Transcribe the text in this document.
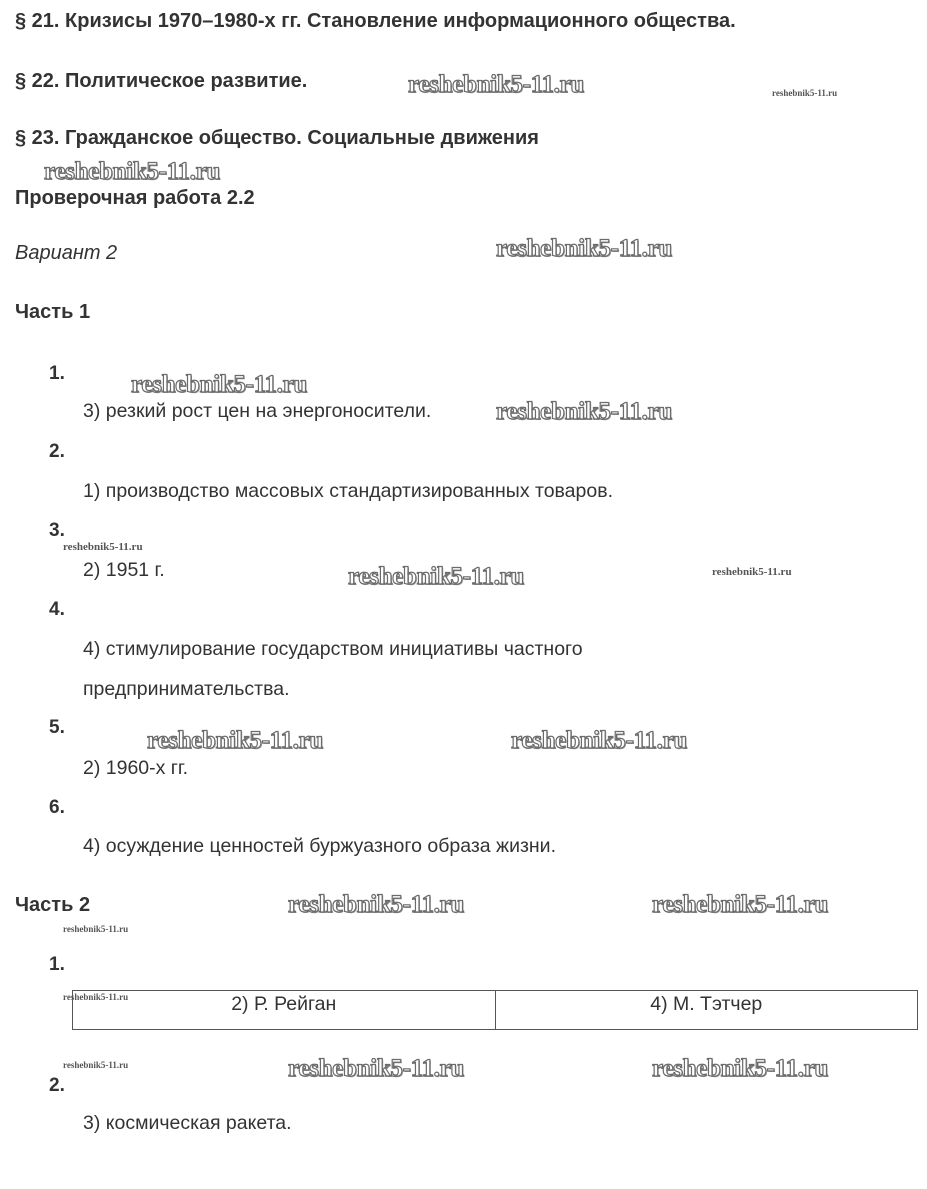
§ 21. Кризисы 1970–1980-х гг. Становление информационного общества.
§ 22. Политическое развитие.
§ 23. Гражданское общество. Социальные движения
Проверочная работа 2.2
Вариант 2
Часть 1
1.
3) резкий рост цен на энергоносители.
2.
1) производство массовых стандартизированных товаров.
3.
2) 1951 г.
4.
4) стимулирование государством инициативы частного
предпринимательства.
5.
2) 1960-х гг.
6.
4) осуждение ценностей буржуазного образа жизни.
Часть 2
1.
2) Р. Рейган	4) М. Тэтчер
2.
3) космическая ракета.
reshebnik5-11.ru	reshebnik5-11.ru
reshebnik5-11.ru
reshebnik5-11.ru
reshebnik5-11.ru
reshebnik5-11.ru
reshebnik5-11.ru
reshebnik5-11.ru	reshebnik5-11.ru
reshebnik5-11.ru	reshebnik5-11.ru
reshebnik5-11.ru	reshebnik5-11.ru
reshebnik5-11.ru
reshebnik5-11.ru
reshebnik5-11.ru	reshebnik5-11.ru	reshebnik5-11.ru
